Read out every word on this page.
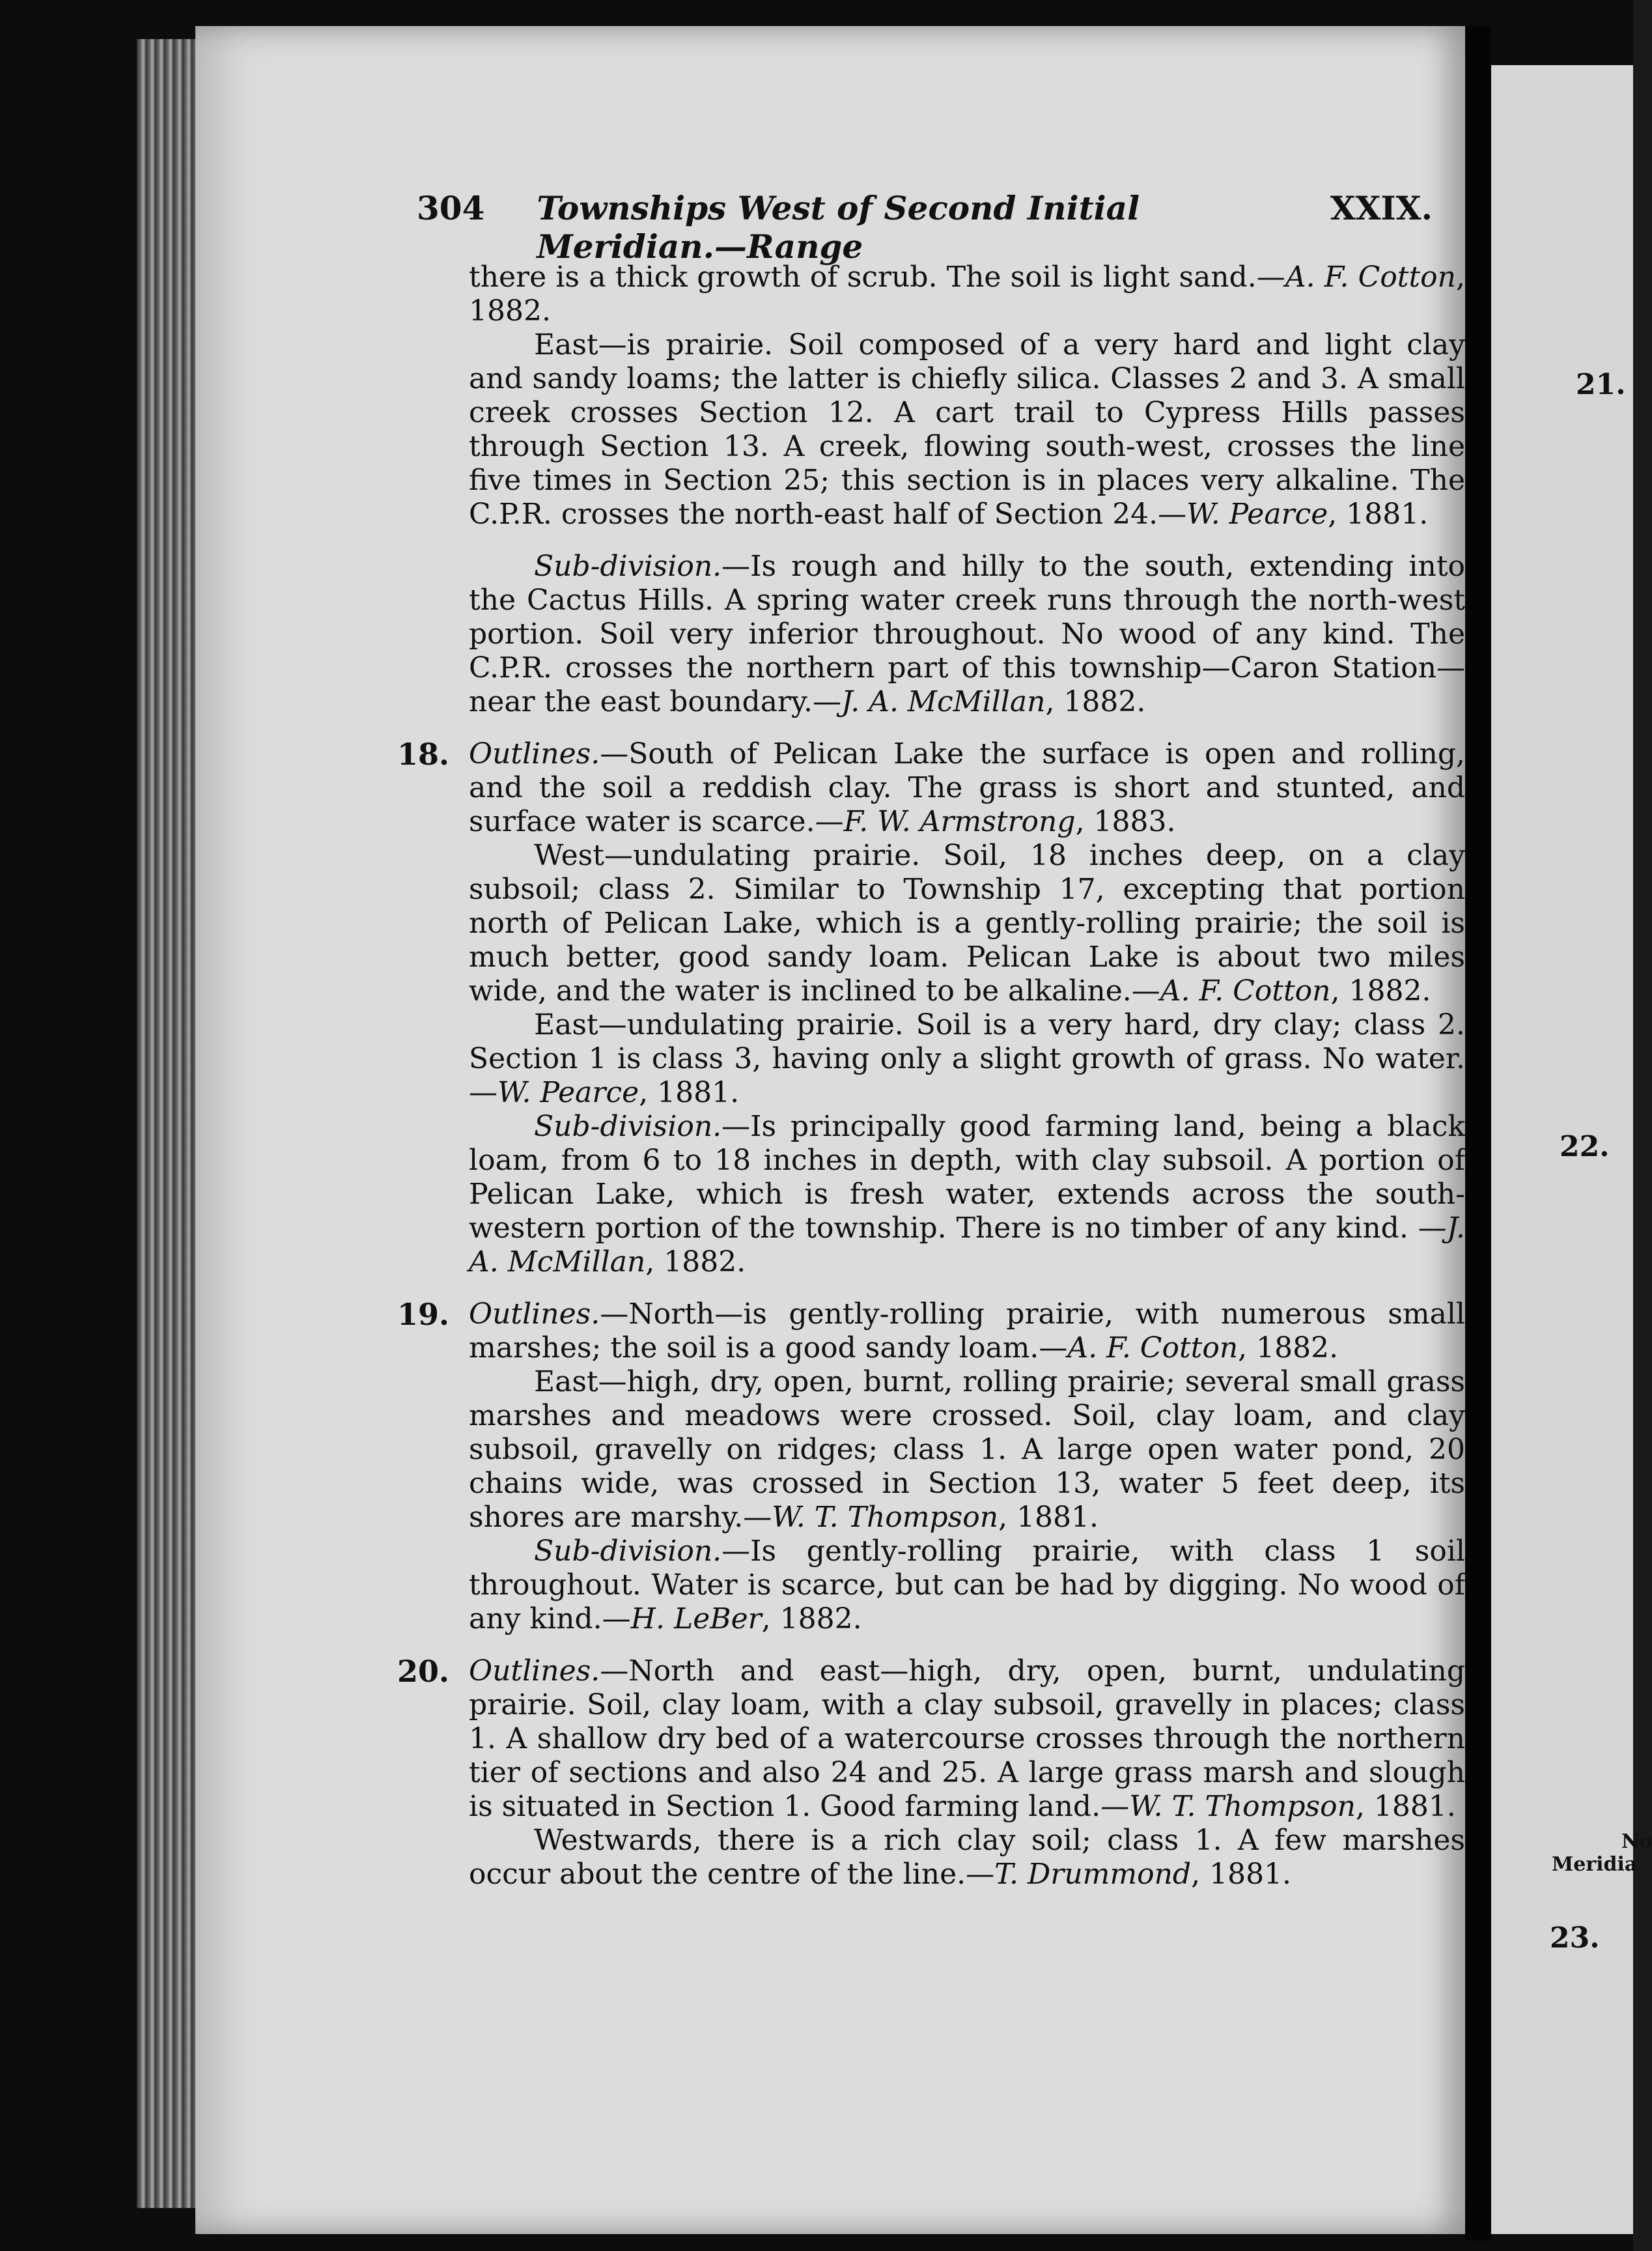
304 Townships West of Second Initial Meridian.—Range
XXIX.

there is a thick growth of scrub. The soil is light sand.—A. F. Cotton, 1882.

East—is prairie. Soil composed of a very hard and light clay and sandy loams; the latter is chiefly silica. Classes 2 and 3. A small creek crosses Section 12. A cart trail to Cypress Hills passes through Section 13. A creek, flowing south-west, crosses the line five times in Section 25; this section is in places very alkaline. The C.P.R. crosses the north-east half of Section 24.—W. Pearce, 1881.

Sub-division.—Is rough and hilly to the south, extending into the Cactus Hills. A spring water creek runs through the north-west portion. Soil very inferior throughout. No wood of any kind. The C.P.R. crosses the northern part of this township—Caron Station—near the east boundary.—J. A. McMillan, 1882.

18. Outlines.—South of Pelican Lake the surface is open and rolling, and the soil a reddish clay. The grass is short and stunted, and surface water is scarce.—F. W. Armstrong, 1883.

West—undulating prairie. Soil, 18 inches deep, on a clay subsoil; class 2. Similar to Township 17, excepting that portion north of Pelican Lake, which is a gently-rolling prairie; the soil is much better, good sandy loam. Pelican Lake is about two miles wide, and the water is inclined to be alkaline.—A. F. Cotton, 1882.

East—undulating prairie. Soil is a very hard, dry clay; class 2. Section 1 is class 3, having only a slight growth of grass. No water.—W. Pearce, 1881.

Sub-division.—Is principally good farming land, being a black loam, from 6 to 18 inches in depth, with clay subsoil. A portion of Pelican Lake, which is fresh water, extends across the south-western portion of the township. There is no timber of any kind. —J. A. McMillan, 1882.

19. Outlines.—North—is gently-rolling prairie, with numerous small marshes; the soil is a good sandy loam.—A. F. Cotton, 1882.

East—high, dry, open, burnt, rolling prairie; several small grass marshes and meadows were crossed. Soil, clay loam, and clay subsoil, gravelly on ridges; class 1. A large open water pond, 20 chains wide, was crossed in Section 13, water 5 feet deep, its shores are marshy.—W. T. Thompson, 1881.

Sub-division.—Is gently-rolling prairie, with class 1 soil throughout. Water is scarce, but can be had by digging. No wood of any kind.—H. LeBer, 1882.

20. Outlines.—North and east—high, dry, open, burnt, undulating prairie. Soil, clay loam, with a clay subsoil, gravelly in places; class 1. A shallow dry bed of a watercourse crosses through the northern tier of sections and also 24 and 25. A large grass marsh and slough is situated in Section 1. Good farming land.—W. T. Thompson, 1881.

Westwards, there is a rich clay soil; class 1. A few marshes occur about the centre of the line.—T. Drummond, 1881.

21.
22.
No
Meridia
23.
